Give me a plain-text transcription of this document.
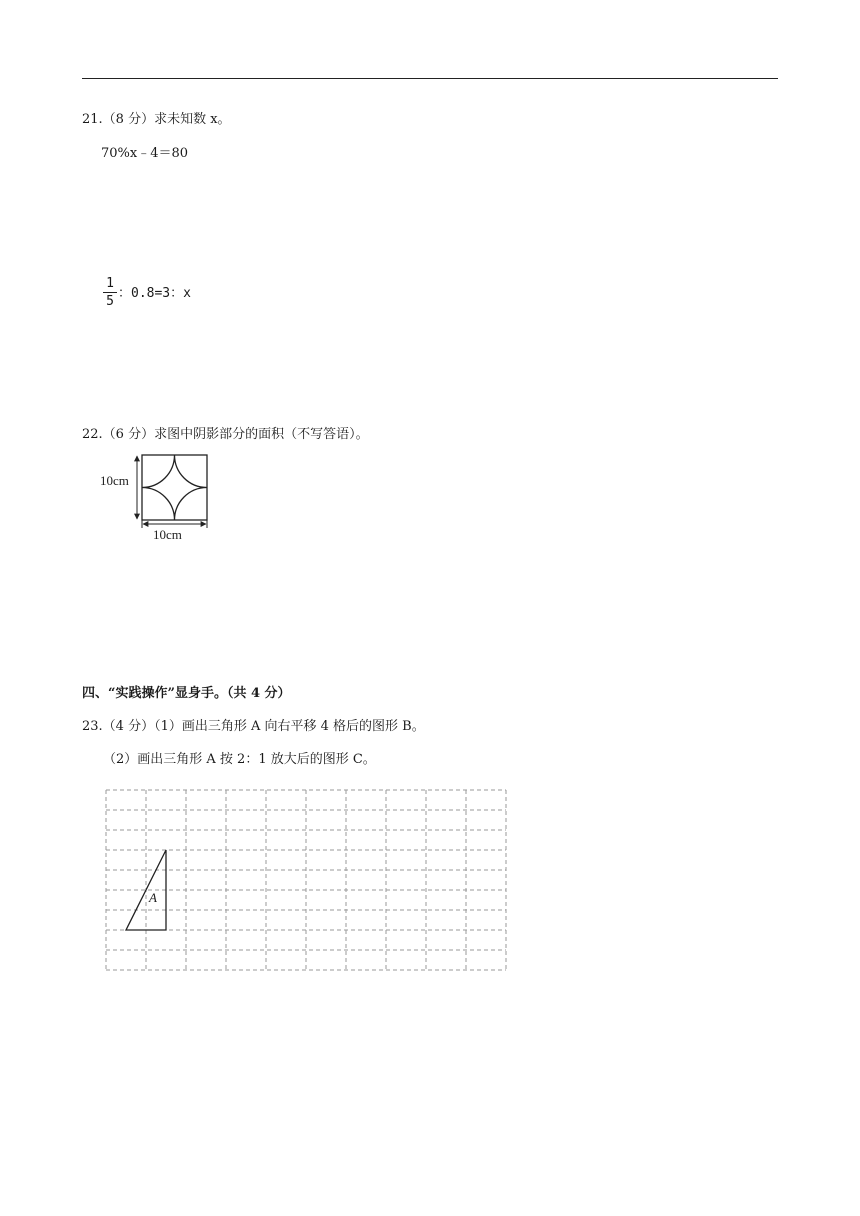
21.（8 分）求未知数 x。
70%x﹣4＝80
1
5
：0.8=3：x
22.（6 分）求图中阴影部分的面积（不写答语）。
10cm
10cm
四、“实践操作”显身手。（共 4 分）
23.（4 分）（1）画出三角形 A 向右平移 4 格后的图形 B。
（2）画出三角形 A 按 2：1 放大后的图形 C。
A
